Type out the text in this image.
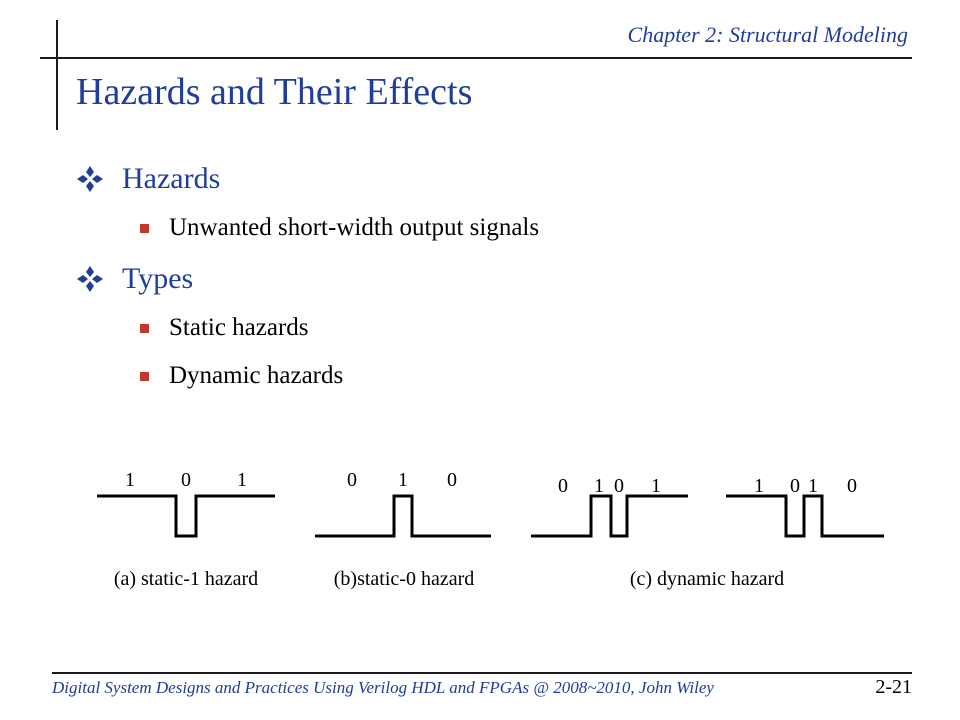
Chapter 2: Structural Modeling
Hazards and Their Effects
Hazards
Unwanted short-width output signals
Types
Static hazards
Dynamic hazards
1 0 1	0 1 0	0 1 0 1	1 0 1 0
(a) static-1 hazard	(b)static-0 hazard	(c) dynamic hazard
Digital System Designs and Practices Using Verilog HDL and FPGAs @ 2008~2010, John Wiley	2-21
